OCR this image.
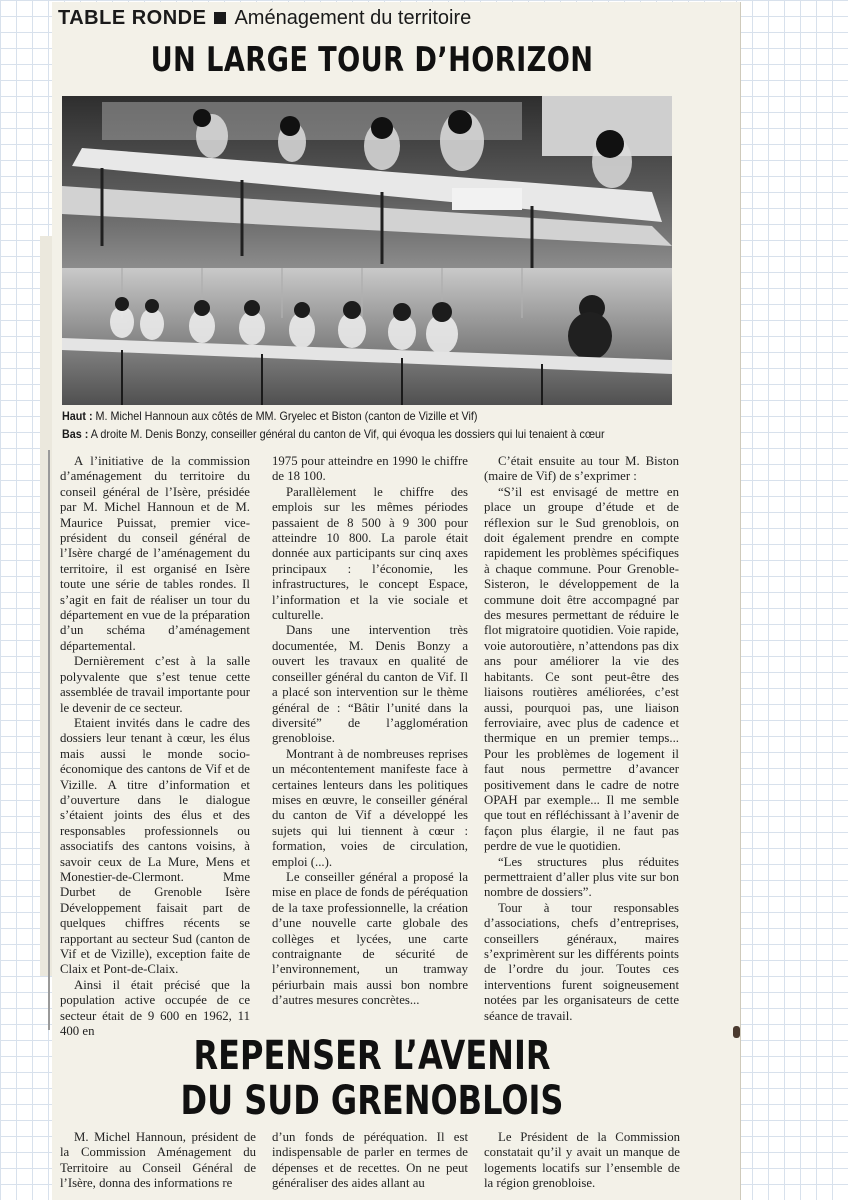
TABLE RONDE Aménagement du territoire
UN LARGE TOUR D’HORIZON
Haut : M. Michel Hannoun aux côtés de MM. Gryelec et Biston (canton de Vizille et Vif)
Bas : A droite M. Denis Bonzy, conseiller général du canton de Vif, qui évoqua les dossiers qui lui tenaient à cœur

A l’initiative de la commission d’aménagement du territoire du conseil général de l’Isère, présidée par M. Michel Hannoun et de M. Maurice Puissat, premier vice-président du conseil général de l’Isère chargé de l’aménagement du territoire, il est organisé en Isère toute une série de tables rondes. Il s’agit en fait de réaliser un tour du département en vue de la préparation d’un schéma d’aménagement départemental.

Dernièrement c’est à la salle polyvalente que s’est tenue cette assemblée de travail importante pour le devenir de ce secteur.

Etaient invités dans le cadre des dossiers leur tenant à cœur, les élus mais aussi le monde socio-économique des cantons de Vif et de Vizille. A titre d’information et d’ouverture dans le dialogue s’étaient joints des élus et des responsables professionnels ou associatifs des cantons voisins, à savoir ceux de La Mure, Mens et Monestier-de-Clermont. Mme Durbet de Grenoble Isère Développement faisait part de quelques chiffres récents se rapportant au secteur Sud (canton de Vif et de Vizille), exception faite de Claix et Pont-de-Claix.

Ainsi il était précisé que la population active occupée de ce secteur était de 9 600 en 1962, 11 400 en

1975 pour atteindre en 1990 le chiffre de 18 100.

Parallèlement le chiffre des emplois sur les mêmes périodes passaient de 8 500 à 9 300 pour atteindre 10 800. La parole était donnée aux participants sur cinq axes principaux : l’économie, les infrastructures, le concept Espace, l’information et la vie sociale et culturelle.

Dans une intervention très documentée, M. Denis Bonzy a ouvert les travaux en qualité de conseiller général du canton de Vif. Il a placé son intervention sur le thème général de : “Bâtir l’unité dans la diversité” de l’agglomération grenobloise.

Montrant à de nombreuses reprises un mécontentement manifeste face à certaines lenteurs dans les politiques mises en œuvre, le conseiller général du canton de Vif a développé les sujets qui lui tiennent à cœur : formation, voies de circulation, emploi (...).

Le conseiller général a proposé la mise en place de fonds de péréquation de la taxe professionnelle, la création d’une nouvelle carte globale des collèges et lycées, une carte contraignante de sécurité de l’environnement, un tramway périurbain mais aussi bon nombre d’autres mesures concrètes...

C’était ensuite au tour M. Biston (maire de Vif) de s’exprimer :

“S’il est envisagé de mettre en place un groupe d’étude et de réflexion sur le Sud grenoblois, on doit également prendre en compte rapidement les problèmes spécifiques à chaque commune. Pour Grenoble-Sisteron, le développement de la commune doit être accompagné par des mesures permettant de réduire le flot migratoire quotidien. Voie rapide, voie autoroutière, n’attendons pas dix ans pour améliorer la vie des habitants. Ce sont peut-être des liaisons routières améliorées, c’est aussi, pourquoi pas, une liaison ferroviaire, avec plus de cadence et thermique en un premier temps... Pour les problèmes de logement il faut nous permettre d’avancer positivement dans le cadre de notre OPAH par exemple... Il me semble que tout en réfléchissant à l’avenir de façon plus élargie, il ne faut pas perdre de vue le quotidien.

“Les structures plus réduites permettraient d’aller plus vite sur bon nombre de dossiers”.

Tour à tour responsables d’associations, chefs d’entreprises, conseillers généraux, maires s’exprimèrent sur les différents points de l’ordre du jour. Toutes ces interventions furent soigneusement notées par les organisateurs de cette séance de travail.

REPENSER L’AVENIR
DU SUD GRENOBLOIS

M. Michel Hannoun, président de la Commission Aménagement du Territoire au Conseil Général de l’Isère, donna des informations re

d’un fonds de péréquation. Il est indispensable de parler en termes de dépenses et de recettes. On ne peut généraliser des aides allant au

Le Président de la Commission constatait qu’il y avait un manque de logements locatifs sur l’ensemble de la région grenobloise.
